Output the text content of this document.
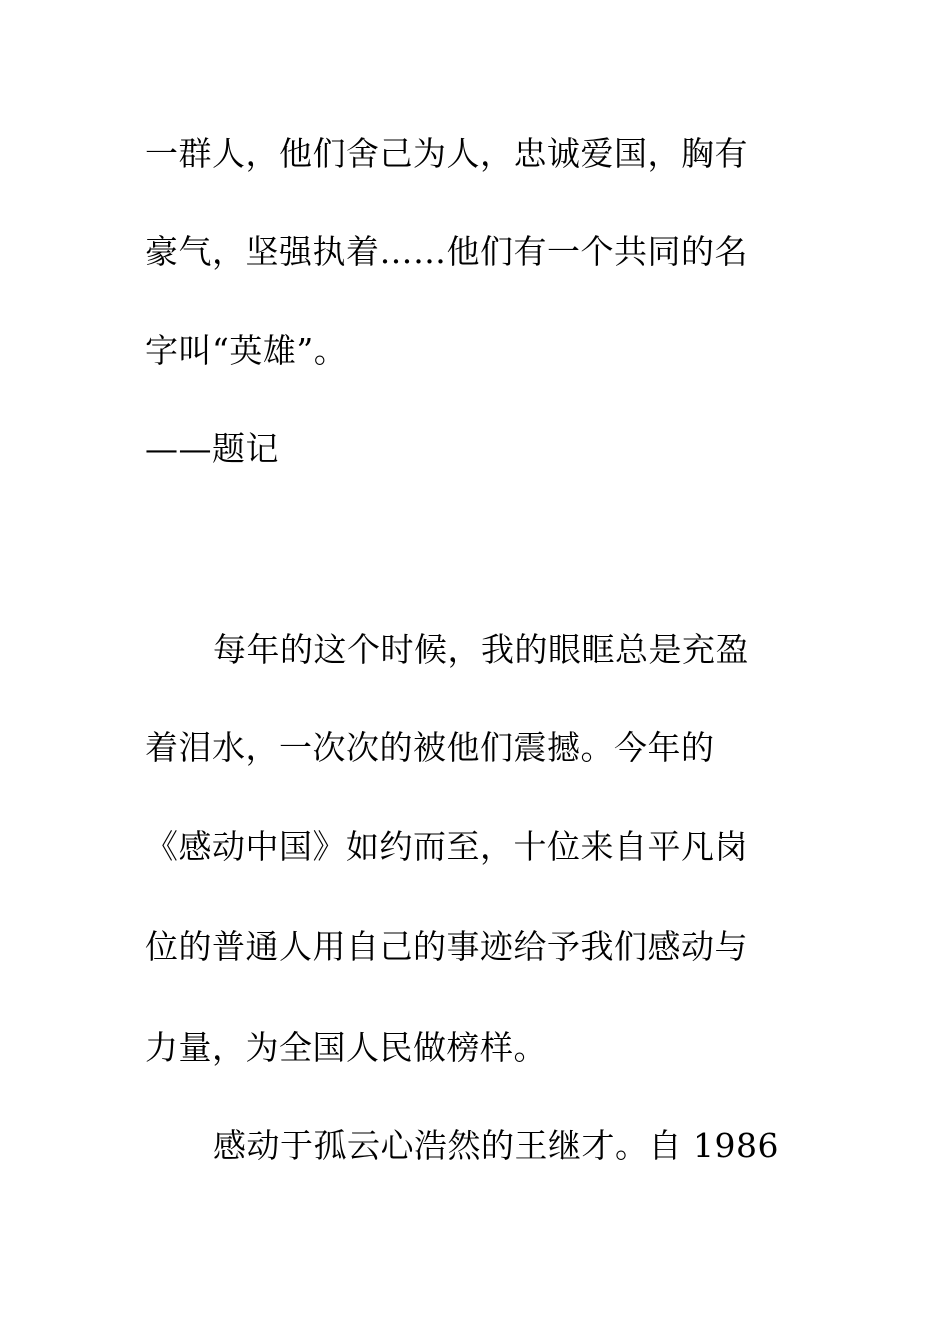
一群人，他们舍己为人，忠诚爱国，胸有
豪气，坚强执着……他们有一个共同的名
字叫“英雄”。
——题记
每年的这个时候，我的眼眶总是充盈
着泪水，一次次的被他们震撼。今年的
《感动中国》如约而至，十位来自平凡岗
位的普通人用自己的事迹给予我们感动与
力量，为全国人民做榜样。
感动于孤云心浩然的王继才。自 1986
